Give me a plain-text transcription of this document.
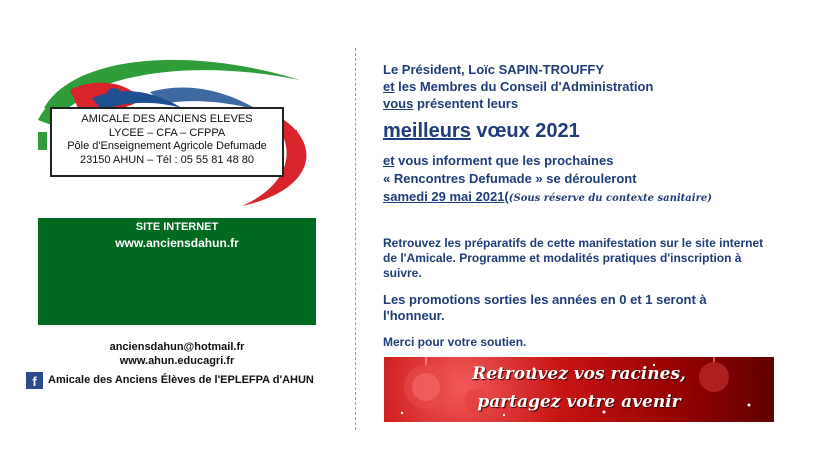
AMICALE DES ANCIENS ELEVES
LYCEE – CFA – CFPPA
Pôle d'Enseignement Agricole Defumade
23150 AHUN – Tél : 05 55 81 48 80
SITE INTERNET
www.anciensdahun.fr
anciensdahun@hotmail.fr
www.ahun.educagri.fr
f	Amicale des Anciens Élèves de l'EPLEFPA d'AHUN
Le Président, Loïc SAPIN-TROUFFY
et les Membres du Conseil d'Administration
vous présentent leurs
meilleurs vœux 2021
et vous informent que les prochaines
« Rencontres Defumade » se dérouleront
samedi 29 mai 2021((Sous réserve du contexte sanitaire)
Retrouvez les préparatifs de cette manifestation sur le site internet de l'Amicale. Programme et modalités pratiques d'inscription à suivre.
Les promotions sorties les années en 0 et 1 seront à l'honneur.
Merci pour votre soutien.
Retrouvez vos racines,
partagez votre avenir
